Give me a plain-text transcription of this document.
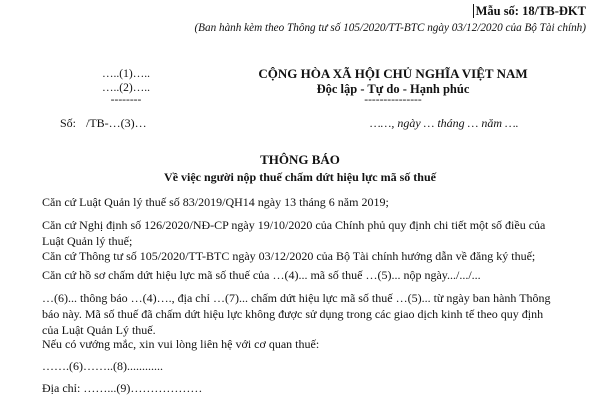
Mẫu số: 18/TB-ĐKT
(Ban hành kèm theo Thông tư số 105/2020/TT-BTC ngày 03/12/2020 của Bộ Tài chính)
…..(1)…..
…..(2)…..
--------
CỘNG HÒA XÃ HỘI CHỦ NGHĨA VIỆT NAM
Độc lập - Tự do - Hạnh phúc
---------------
Số: /TB-…(3)…	……, ngày … tháng … năm ….
THÔNG BÁO
Về việc người nộp thuế chấm dứt hiệu lực mã số thuế
Căn cứ Luật Quản lý thuế số 83/2019/QH14 ngày 13 tháng 6 năm 2019;
Căn cứ Nghị định số 126/2020/NĐ-CP ngày 19/10/2020 của Chính phủ quy định chi tiết một số điều của Luật Quản lý thuế;
Căn cứ Thông tư số 105/2020/TT-BTC ngày 03/12/2020 của Bộ Tài chính hướng dẫn về đăng ký thuế;
Căn cứ hồ sơ chấm dứt hiệu lực mã số thuế của …(4)... mã số thuế …(5)... nộp ngày.../.../...
…(6)... thông báo …(4)…., địa chỉ …(7)... chấm dứt hiệu lực mã số thuế …(5)... từ ngày ban hành Thông báo này. Mã số thuế đã chấm dứt hiệu lực không được sử dụng trong các giao dịch kinh tế theo quy định của Luật Quản Lý thuế.
Nếu có vướng mắc, xin vui lòng liên hệ với cơ quan thuế:
…….(6)……..(8)............
Địa chỉ: ……...(9)………………
